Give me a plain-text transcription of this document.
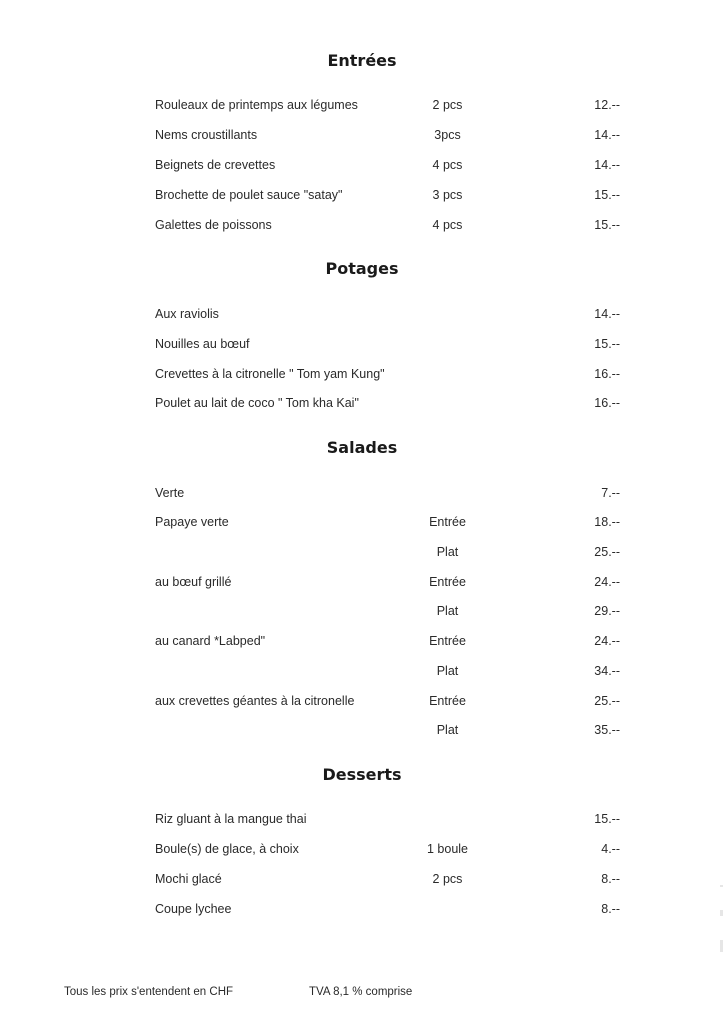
Entrées
Rouleaux de printemps aux légumes	2 pcs	12.--
Nems croustillants	3pcs	14.--
Beignets de crevettes	4 pcs	14.--
Brochette de poulet sauce "satay"	3 pcs	15.--
Galettes de poissons	4 pcs	15.--
Potages
Aux raviolis	14.--
Nouilles au bœuf	15.--
Crevettes à la citronelle " Tom yam Kung"	16.--
Poulet au lait de coco " Tom kha Kai"	16.--
Salades
Verte	7.--
Papaye verte	Entrée	18.--
Plat	25.--
au bœuf grillé	Entrée	24.--
Plat	29.--
au canard *Labped"	Entrée	24.--
Plat	34.--
aux crevettes géantes à la citronelle	Entrée	25.--
Plat	35.--
Desserts
Riz gluant à la mangue thai	15.--
Boule(s) de glace, à choix	1 boule	4.--
Mochi glacé	2 pcs	8.--
Coupe lychee	8.--
Tous les prix s'entendent en CHF	TVA 8,1 % comprise
